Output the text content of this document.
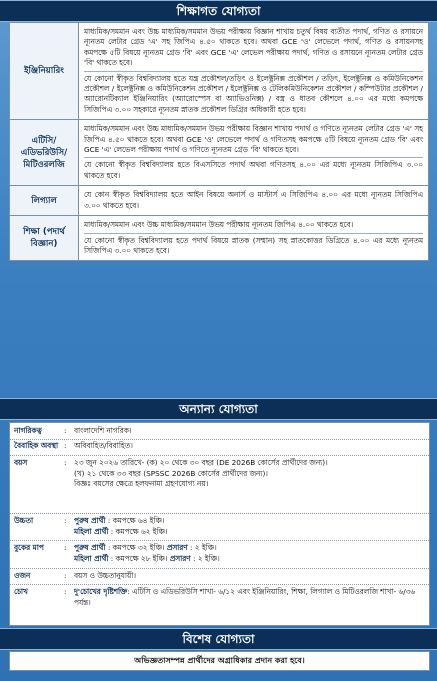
শিক্ষাগত যোগ্যতা
ইঞ্জিনিয়ারিং	মাধ্যমিক/সমমান এবং উচ্চ মাধ্যমিক/সমমান উভয় পরীক্ষায় বিজ্ঞান শাখায় চতুর্থ বিষয় ব্যতীত পদার্থ, গণিত ও রসায়নে ন্যূনতম লেটার গ্রেড 'এ' সহ জিপিএ ৪.৫০ থাকতে হবে। অথবা GCE 'ও' লেভেলে পদার্থ, গণিত ও রসায়নসহ কমপক্ষে ৫টি বিষয়ে ন্যূনতম গ্রেড 'বি' এবং GCE 'এ' লেভেল পরীক্ষায় পদার্থ, গণিত ও রসায়নে ন্যূনতম লেটার গ্রেড 'বি' থাকতে হবে।
যে কোনো স্বীকৃত বিশ্ববিদ্যালয় হতে যন্ত্র প্রকৌশল/তড়িৎ ও ইলেক্ট্রনিক্স প্রকৌশল / তড়িৎ, ইলেক্ট্রনিক্স ও কমিউনিকেশন প্রকৌশল / ইলেক্ট্রনিক্স ও কমিউনিকেশন প্রকৌশল / ইলেক্ট্রনিক্স ও টেলিকমিউনিকেশন প্রকৌশল / কম্পিউটার প্রকৌশল / অ্যারোনটিক্যাল ইঞ্জিনিয়ারিং (অ্যারোস্পেস বা অ্যাভিওনিক্স) / বস্ত্র ও ধাতব কৌশলে ৪.০০ এর মধ্যে কমপক্ষে সিজিপিএ ৩.০০ সহকারে ন্যূনতম স্নাতক প্রকৌশল ডিগ্রির অধিকারী হতে হবে।

এটিসি/ এডিভরিউসি/ মিটিওরলজি	মাধ্যমিক/সমমান এবং উচ্চ মাধ্যমিক/সমমান উভয় পরীক্ষায় বিজ্ঞান শাখায় পদার্থ ও গণিতে ন্যূনতম লেটার গ্রেড 'এ' সহ জিপিএ ৪.৫০ থাকতে হবে। অথবা GCE 'ও' লেভেলে পদার্থ ও গণিতসহ কমপক্ষে ৫টি বিষয়ে ন্যূনতম গ্রেড 'বি' এবং GCE 'এ' লেভেল পরীক্ষায় পদার্থ ও গণিতে ন্যূনতম গ্রেড 'বি' থাকতে হবে।
যে কোনো স্বীকৃত বিশ্ববিদ্যালয় হতে বিএসসিতে পদার্থ অথবা গণিতসহ ৪.০০ এর মধ্যে ন্যূনতম সিজিপিএ ৩.০০ থাকতে হবে।

লিগ্যাল	যে কোন স্বীকৃত বিশ্ববিদ্যালয় হতে আইন বিষয়ে অনার্স ও মাস্টার্স এ সিজিপিএ ৪.০০ এর মধ্যে ন্যূনতম সিজিপিএ ৩.০০ থাকতে হবে।

শিক্ষা (পদার্থ বিজ্ঞান)	মাধ্যমিক/সমমান এবং উচ্চ মাধ্যমিক/সমমান উভয় পরীক্ষায় ন্যূনতম জিপিএ ৪.০০ থাকতে হবে।
যে কোনো স্বীকৃত বিশ্ববিদ্যালয় হতে পদার্থ বিষয়ে স্নাতক (সম্মান) সহ স্নাতকোত্তর ডিগ্রিতে ৪.০০ এর মধ্যে ন্যূনতম সিজিপিএ ৩.০০ থাকতে হবে।
অন্যান্য যোগ্যতা
নাগরিকত্ব	: বাংলাদেশি নাগরিক।
বৈবাহিক অবস্থা : অবিবাহিত/বিবাহিত।
বয়স	: ২৩ জুন ২০২৬ তারিখে- (ক) ২০ থেকে ৩০ বছর (DE 2026B কোর্সের প্রার্থীদের জন্য)।
(খ) ২১ থেকে ৩৩ বছর (SPSSC 2026B কোর্সের প্রার্থীদের জন্য)।
বিজ্ঞঃ বয়সের ক্ষেত্রে হলফনামা গ্রহণযোগ্য নয়।
উচ্চতা	: পুরুষ প্রার্থী : কমপক্ষে ৬৪ ইঞ্চি।
মহিলা প্রার্থী : কমপক্ষে ৬২ ইঞ্চি।
বুকের মাপ	: পুরুষ প্রার্থী : কমপক্ষে ৩২ ইঞ্চি। প্রসারণ : ২ ইঞ্চি।
মহিলা প্রার্থী : কমপক্ষে ২৮ ইঞ্চি। প্রসারণ : ২ ইঞ্চি।
ওজন	: বয়স ও উচ্চতানুযায়ী।
চোখ	: দু'চোখের দৃষ্টিশক্তি: এটিসি ও এডিভরিউসি শাখা- ৬/১২ এবং ইঞ্জিনিয়ারিং, শিক্ষা, লিগ্যাল ও মিটিওরলজি শাখা- ৬/৩৬ পর্যন্ত।
বিশেষ যোগ্যতা
অভিজ্ঞতাসম্পন্ন প্রার্থীদের অগ্রাধিকার প্রদান করা হবে।
